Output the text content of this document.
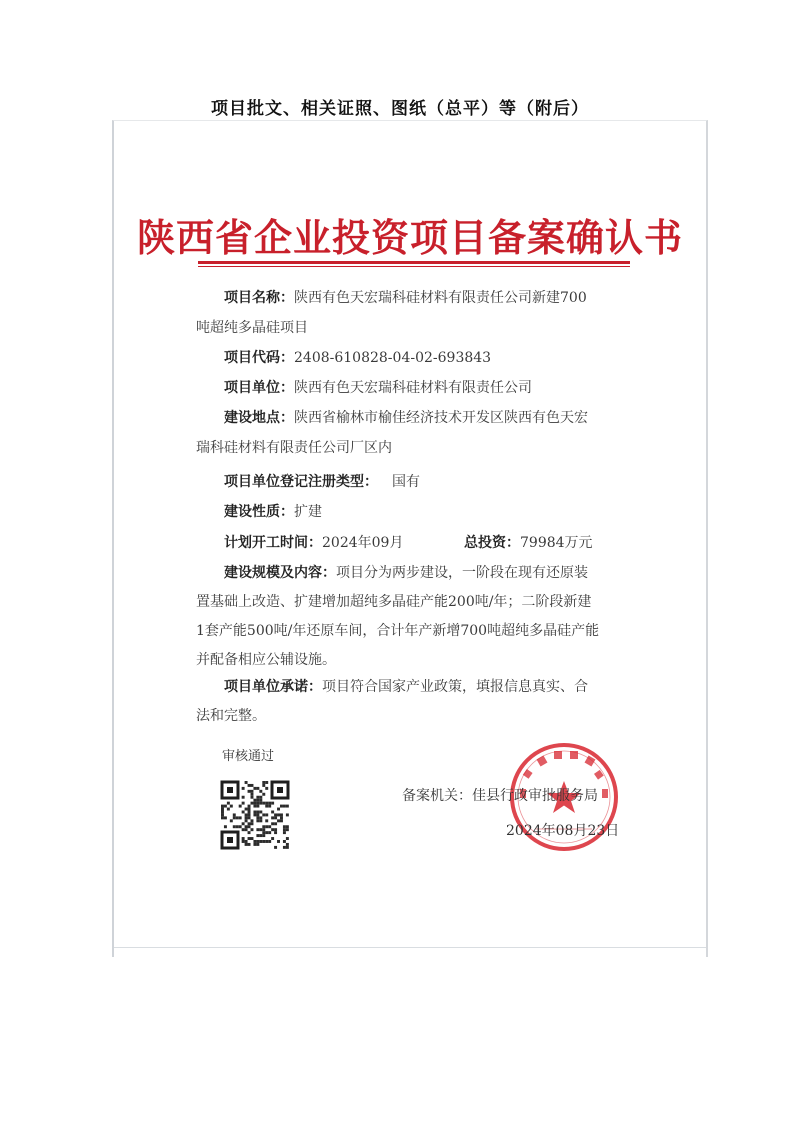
项目批文、相关证照、图纸（总平）等（附后）
陕西省企业投资项目备案确认书
项目名称：陕西有色天宏瑞科硅材料有限责任公司新建700
吨超纯多晶硅项目
项目代码：2408-610828-04-02-693843
项目单位：陕西有色天宏瑞科硅材料有限责任公司
建设地点：陕西省榆林市榆佳经济技术开发区陕西有色天宏
瑞科硅材料有限责任公司厂区内
项目单位登记注册类型： 国有
建设性质：扩建
计划开工时间：2024年09月	总投资：79984万元
建设规模及内容：项目分为两步建设，一阶段在现有还原装
置基础上改造、扩建增加超纯多晶硅产能200吨/年；二阶段新建
1套产能500吨/年还原车间，合计年产新增700吨超纯多晶硅产能
并配备相应公辅设施。
项目单位承诺：项目符合国家产业政策，填报信息真实、合
法和完整。
审核通过
备案机关：佳县行政审批服务局
2024年08月23日
